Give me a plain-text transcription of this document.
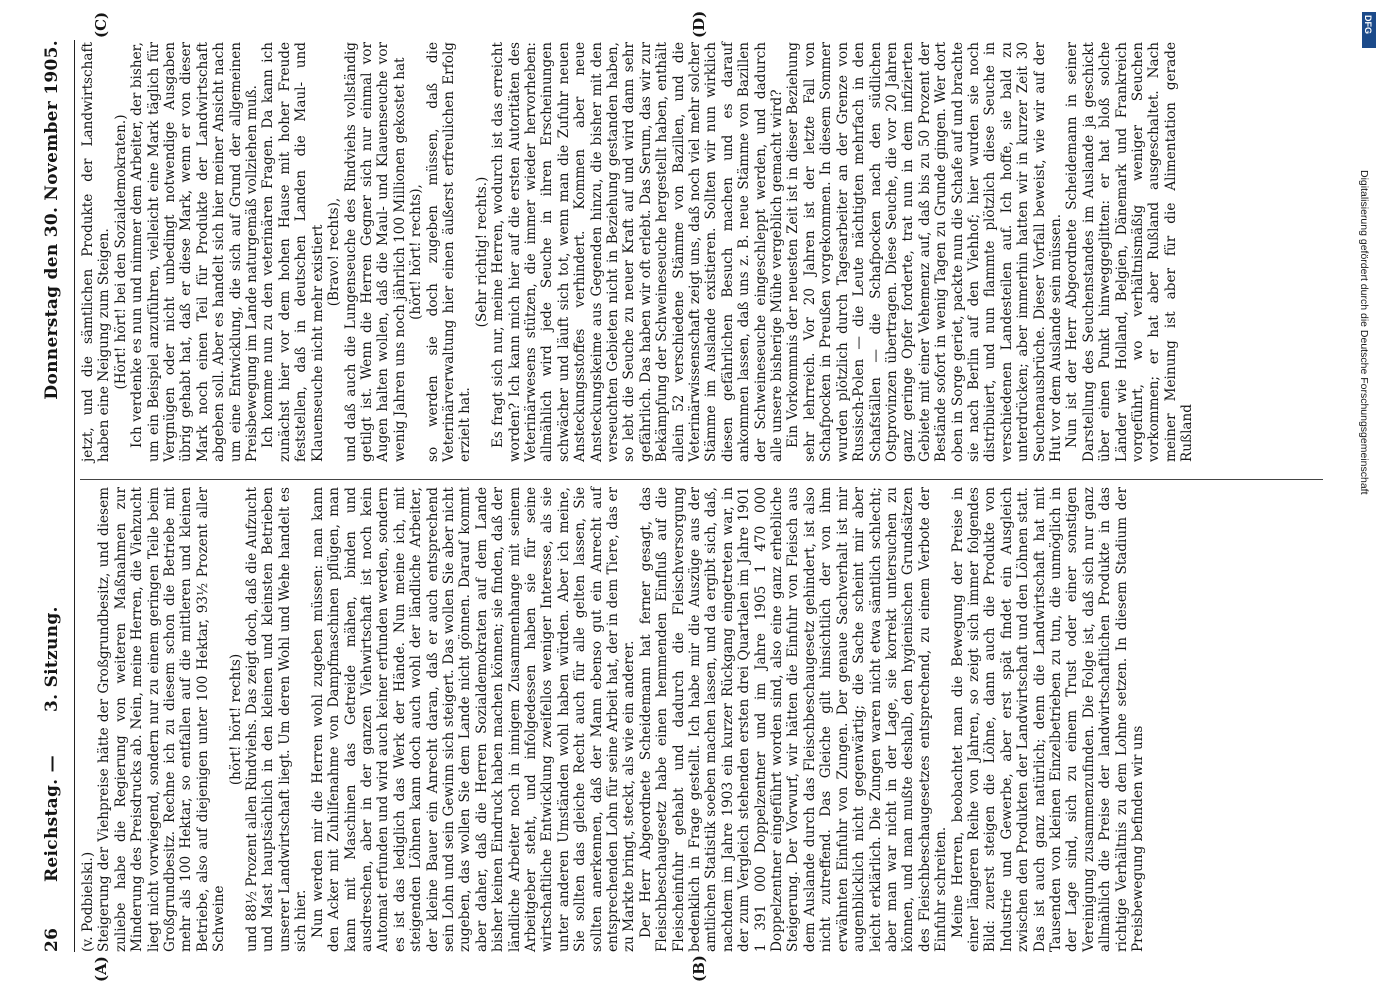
26
Reichstag. —
3. Sitzung.
Donnerstag den 30. November 1905.
(A)	(B)
(C)	(D)

(v. Podbielski.) Steigerung der Viehpreise hätte der Großgrundbesitz, und diesem zuliebe habe die Regierung von weiteren Maßnahmen zur Minderung des Preisdrucks ab. Nein, meine Herren, die Viehzucht liegt nicht vorwiegend, sondern nur zu einem geringen Teile beim Großgrundbesitz. Rechne ich zu diesem schon die Betriebe mit mehr als 100 Hektar, so entfallen auf die mittleren und kleinen Betriebe, also auf diejenigen unter 100 Hektar, 93½ Prozent aller Schweine

(hört! hört! rechts) und 88½ Prozent allen Rindviehs. Das zeigt doch, daß die Aufzucht und Mast hauptsächlich in den kleinen und kleinsten Betrieben unserer Landwirtschaft liegt. Um deren Wohl und Wehe handelt es sich hier. Nun werden mir die Herren wohl zugeben müssen: man kann den Acker mit Zuhilfenahme von Dampfmaschinen pflügen, man kann mit Maschinen das Getreide mähen, binden und ausdreschen, aber in der ganzen Viehwirtschaft ist noch kein Automat erfunden und wird auch keiner erfunden werden, sondern es ist das lediglich das Werk der Hände. Nun meine ich, mit steigenden Löhnen kann doch auch wohl der ländliche Arbeiter, der kleine Bauer ein Anrecht daran, daß er auch entsprechend sein Lohn und sein Gewinn sich steigert. Das wollen Sie aber nicht zugeben, das wollen Sie dem Lande nicht gönnen. Darauf kommt aber daher, daß die Herren Sozialdemokraten auf dem Lande bisher keinen Eindruck haben machen können; sie finden, daß der ländliche Arbeiter noch in innigem Zusammenhange mit seinem Arbeitgeber steht, und infolgedessen haben sie für seine wirtschaftliche Entwicklung zweifellos weniger Interesse, als sie unter anderen Umständen wohl haben würden. Aber ich meine, Sie sollten das gleiche Recht auch für alle gelten lassen, Sie sollten anerkennen, daß der Mann ebenso gut ein Anrecht auf entsprechenden Lohn für seine Arbeit hat, der in dem Tiere, das er zu Markte bringt, steckt, als wie ein anderer. Der Herr Abgeordnete Scheidemann hat ferner gesagt, das Fleischbeschaugesetz habe einen hemmenden Einfluß auf die Fleischeinfuhr gehabt und dadurch die Fleischversorgung bedenklich in Frage gestellt. Ich habe mir die Auszüge aus der amtlichen Statistik soeben machen lassen, und da ergibt sich, daß, nachdem im Jahre 1903 ein kurzer Rückgang eingetreten war, in der zum Vergleich stehenden ersten drei Quartalen im Jahre 1901 1 391 000 Doppelzentner und im Jahre 1905 1 470 000 Doppelzentner eingeführt worden sind, also eine ganz erhebliche Steigerung. Der Vorwurf, wir hätten die Einfuhr von Fleisch aus dem Auslande durch das Fleischbeschaugesetz gehindert, ist also nicht zutreffend. Das Gleiche gilt hinsichtlich der von ihm erwähnten Einfuhr von Zungen. Der genaue Sachverhalt ist mir augenblicklich nicht gegenwärtig; die Sache scheint mir aber leicht erklärlich. Die Zungen waren nicht etwa sämtlich schlecht; aber man war nicht in der Lage, sie korrekt untersuchen zu können, und man mußte deshalb, den hygienischen Grundsätzen des Fleischbeschaugesetzes entsprechend, zu einem Verbote der Einfuhr schreiten. Meine Herren, beobachtet man die Bewegung der Preise in einer längeren Reihe von Jahren, so zeigt sich immer folgendes Bild: zuerst steigen die Löhne, dann auch die Produkte von Industrie und Gewerbe, aber erst spät findet ein Ausgleich zwischen den Produkten der Landwirtschaft und den Löhnen statt. Das ist auch ganz natürlich; denn die Landwirtschaft hat mit Tausenden von kleinen Einzelbetrieben zu tun, die unmöglich in der Lage sind, sich zu einem Trust oder einer sonstigen Vereinigung zusammenzufinden. Die Folge ist, daß sich nur ganz allmählich die Preise der landwirtschaftlichen Produkte in das richtige Verhältnis zu dem Lohne setzen. In diesem Stadium der Preisbewegung befinden wir uns

jetzt, und die sämtlichen Produkte der Landwirtschaft haben eine Neigung zum Steigen. (Hört! hört! bei den Sozialdemokraten.) Ich verdenke es nun und nimmer dem Arbeiter, der bisher, um ein Beispiel anzuführen, vielleicht eine Mark täglich für Vergnügen oder nicht unbedingt notwendige Ausgaben übrig gehabt hat, daß er diese Mark, wenn er von dieser Mark noch einen Teil für Produkte der Landwirtschaft abgeben soll. Aber es handelt sich hier meiner Ansicht nach um eine Entwicklung, die sich auf Grund der allgemeinen Preisbewegung im Lande naturgemäß vollziehen muß. Ich komme nun zu den veterinären Fragen. Da kann ich zunächst hier vor dem hohen Hause mit hoher Freude feststellen, daß in deutschen Landen die Maul- und Klauenseuche nicht mehr existiert (Bravo! rechts), und daß auch die Lungenseuche des Rindviehs vollständig getilgt ist. Wenn die Herren Gegner sich nur einmal vor Augen halten wollen, daß die Maul- und Klauenseuche vor wenig Jahren uns noch jährlich 100 Millionen gekostet hat (hört! hört! rechts), so werden sie doch zugeben müssen, daß die Veterinärverwaltung hier einen äußerst erfreulichen Erfolg erzielt hat.

(Sehr richtig! rechts.) Es fragt sich nur, meine Herren, wodurch ist das erreicht worden? Ich kann mich hier auf die ersten Autoritäten des Veterinärwesens stützen, die immer wieder hervorheben: allmählich wird jede Seuche in ihren Erscheinungen schwächer und läuft sich tot, wenn man die Zufuhr neuen Ansteckungsstoffes verhindert. Kommen aber neue Ansteckungskeime aus Gegenden hinzu, die bisher mit den verseuchten Gebieten nicht in Beziehung gestanden haben, so lebt die Seuche zu neuer Kraft auf und wird dann sehr gefährlich. Das haben wir oft erlebt. Das Serum, das wir zur Bekämpfung der Schweineseuche hergestellt haben, enthält allein 52 verschiedene Stämme von Bazillen, und die Veterinärwissenschaft zeigt uns, daß noch viel mehr solcher Stämme im Auslande existieren. Sollten wir nun wirklich diesen gefährlichen Besuch machen und es darauf ankommen lassen, daß uns z. B. neue Stämme von Bazillen der Schweineseuche eingeschleppt werden, und dadurch alle unsere bisherige Mühe vergeblich gemacht wird? Ein Vorkommnis der neuesten Zeit ist in dieser Beziehung sehr lehrreich. Vor 20 Jahren ist der letzte Fall von Schafpocken in Preußen vorgekommen. In diesem Sommer wurden plötzlich durch Tagesarbeiter an der Grenze von Russisch-Polen — die Leute nächtigten mehrfach in den Schafställen — die Schafpocken nach den südlichen Ostprovinzen übertragen. Diese Seuche, die vor 20 Jahren ganz geringe Opfer forderte, trat nun in dem infizierten Gebiete mit einer Vehemenz auf, daß bis zu 50 Prozent der Bestände sofort in wenig Tagen zu Grunde gingen. Wer dort oben in Sorge geriet, packte nun die Schafe auf und brachte sie nach Berlin auf den Viehhof; hier wurden sie noch distribuiert, und nun flammte plötzlich diese Seuche in verschiedenen Landesteilen auf. Ich hoffe, sie bald zu unterdrücken; aber immerhin hatten wir in kurzer Zeit 30 Seuchenausbrüche. Dieser Vorfall beweist, wie wir auf der Hut vor dem Auslande sein müssen. Nun ist der Herr Abgeordnete Scheidemann in seiner Darstellung des Seuchenstandes im Auslande ja geschickt über einen Punkt hinweggeglitten: er hat bloß solche Länder wie Holland, Belgien, Dänemark und Frankreich vorgeführt, wo verhältnismäßig weniger Seuchen vorkommen; er hat aber Rußland ausgeschaltet. Nach meiner Meinung ist aber für die Alimentation gerade Rußland

DFG
Digitalisierung gefördert durch die Deutsche Forschungsgemeinschaft
